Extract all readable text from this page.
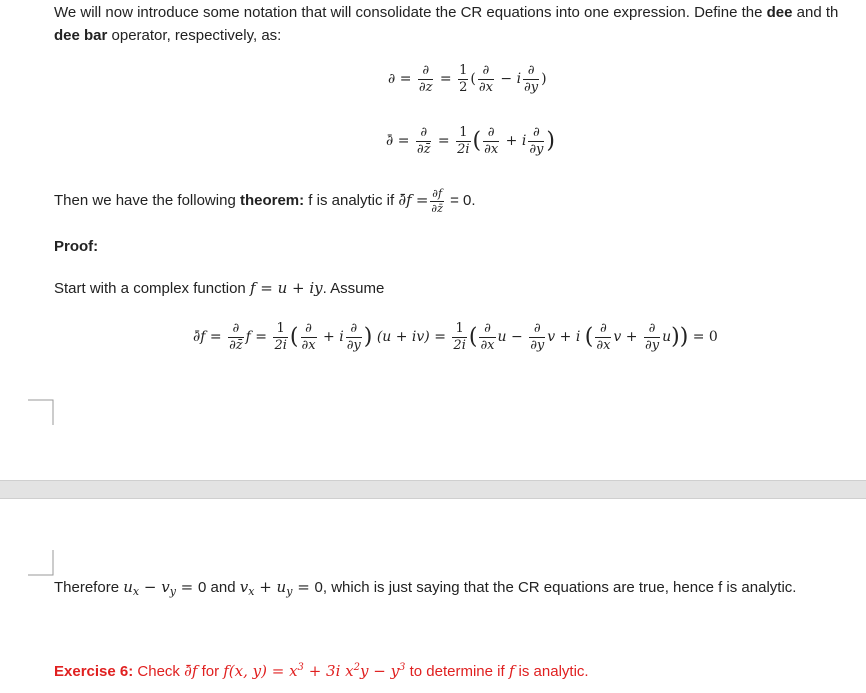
We will now introduce some notation that will consolidate the CR equations into one expression. Define the dee and th
dee bar operator, respectively, as:
∂ = $\frac{\partial}{\partial z} = \frac{1}{2}$ ( $\frac{\partial}{\partial x} - i \frac{\partial}{\partial y}$ )
∂̄ = $\frac{\partial}{\partial z̄} = \frac{1}{2i}$ ( $\frac{\partial}{\partial x} + i \frac{\partial}{\partial y}$ )
Then we have the following theorem: f is analytic if ∂̄f = $\frac{\partial f}{\partial z̄} = 0$.
Proof:
Start with a complex function f = u + iy. Assume
∂̄f = $\frac{\partial}{\partial z̄}$ $f = \frac{1}{2i}$ ( $\frac{\partial}{\partial x} + i \frac{\partial}{\partial y}$ ) $(u + iv) = \frac{1}{2i}$ ( $\frac{\partial}{\partial x}$ $u - \frac{\partial}{\partial y}$ v + i ( $\frac{\partial}{\partial x}$ $v + \frac{\partial}{\partial y} u)) = 0$
Therefore $u_x - v_y = 0$ and $v_x + u_y = 0$, which is just saying that the CR equations are true, hence f is analytic.
Exercise 6: Check ∂̄f for f(x, $y) = x^3 + 3i$ $x^2y - y^3$ to determine if f is analytic.
